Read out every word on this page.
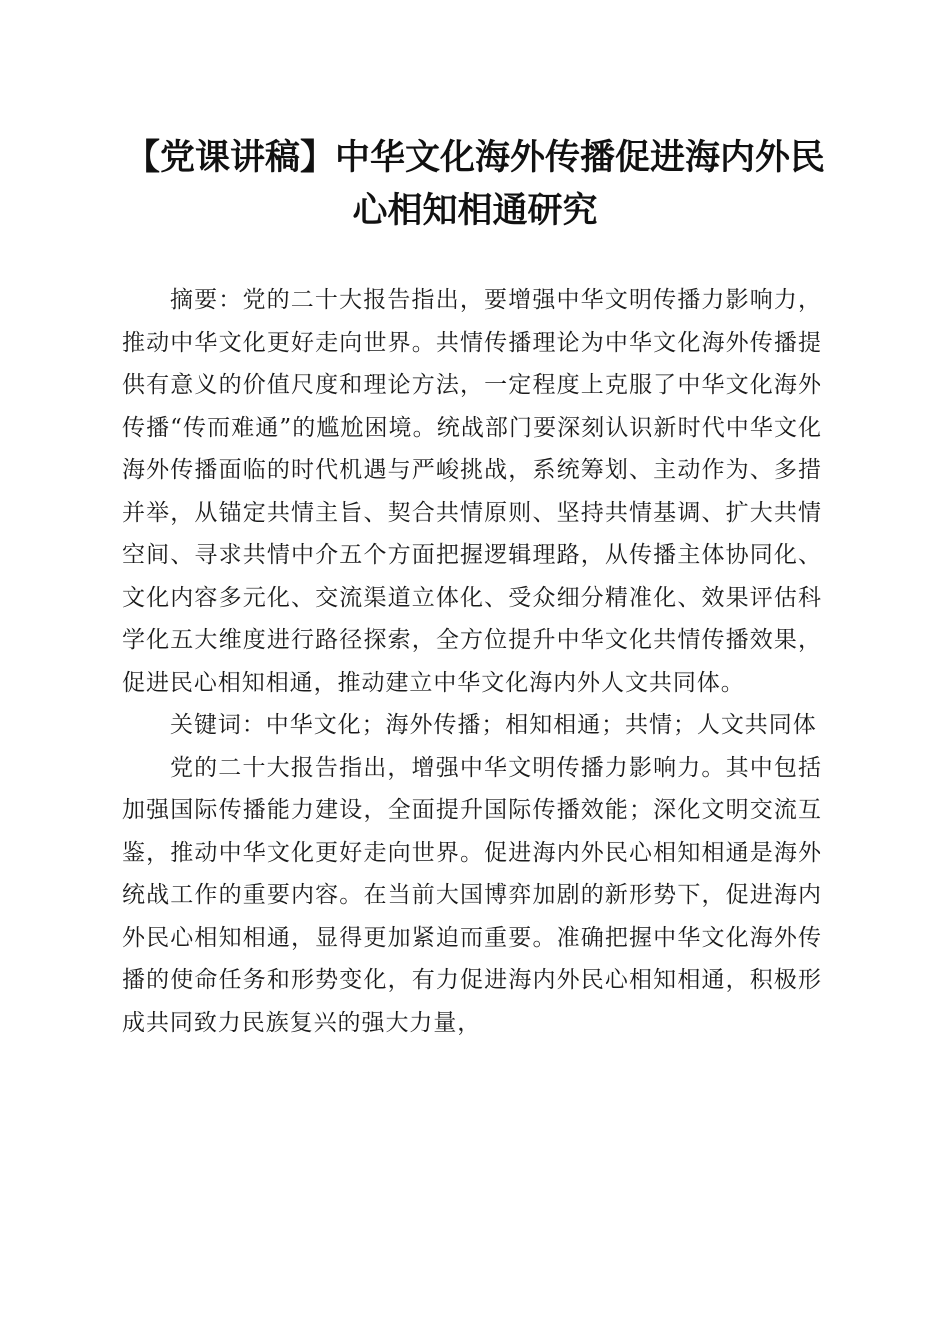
【党课讲稿】中华文化海外传播促进海内外民
心相知相通研究

摘要：党的二十大报告指出，要增强中华文明传播力影响力，推动中华文化更好走向世界。共情传播理论为中华文化海外传播提供有意义的价值尺度和理论方法，一定程度上克服了中华文化海外传播“传而难通”的尴尬困境。统战部门要深刻认识新时代中华文化海外传播面临的时代机遇与严峻挑战，系统筹划、主动作为、多措并举，从锚定共情主旨、契合共情原则、坚持共情基调、扩大共情空间、寻求共情中介五个方面把握逻辑理路，从传播主体协同化、文化内容多元化、交流渠道立体化、受众细分精准化、效果评估科学化五大维度进行路径探索，全方位提升中华文化共情传播效果，促进民心相知相通，推动建立中华文化海内外人文共同体。

关键词：中华文化；海外传播；相知相通；共情；人文共同体

党的二十大报告指出，增强中华文明传播力影响力。其中包括加强国际传播能力建设，全面提升国际传播效能；深化文明交流互鉴，推动中华文化更好走向世界。促进海内外民心相知相通是海外统战工作的重要内容。在当前大国博弈加剧的新形势下，促进海内外民心相知相通，显得更加紧迫而重要。准确把握中华文化海外传播的使命任务和形势变化，有力促进海内外民心相知相通，积极形成共同致力民族复兴的强大力量，
